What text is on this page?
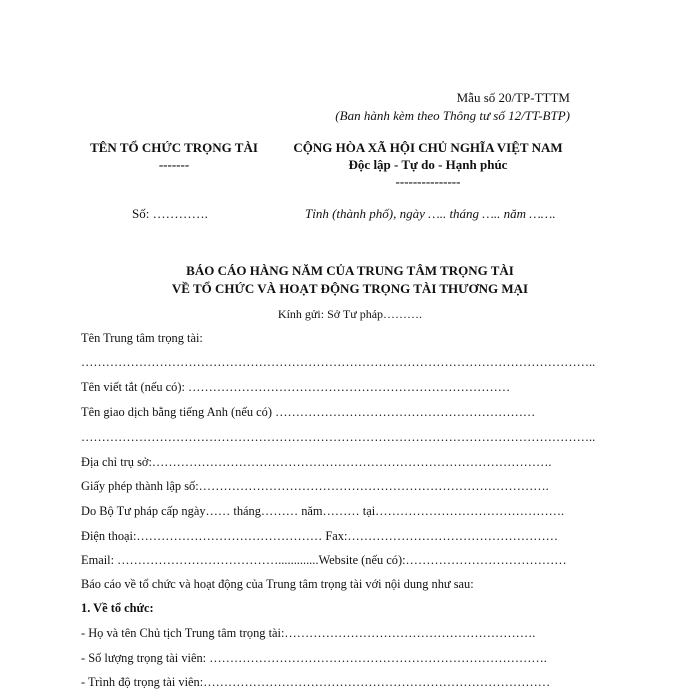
Mẫu số 20/TP-TTTM
(Ban hành kèm theo Thông tư số 12/TT-BTP)
TÊN TỔ CHỨC TRỌNG TÀI
-------
CỘNG HÒA XÃ HỘI CHỦ NGHĨA VIỆT NAM
Độc lập - Tự do - Hạnh phúc
---------------
Số: ………….	Tỉnh (thành phố), ngày ….. tháng ….. năm …….
BÁO CÁO HÀNG NĂM CỦA TRUNG TÂM TRỌNG TÀI
VỀ TỔ CHỨC VÀ HOẠT ĐỘNG TRỌNG TÀI THƯƠNG MẠI
Kính gửi: Sở Tư pháp……….
Tên Trung tâm trọng tài:
……………………………………………………………………………………………………………..
Tên viết tắt (nếu có): ……………………………………………………………………
Tên giao dịch bằng tiếng Anh (nếu có) ………………………………………………………
……………………………………………………………………………………………………………..
Địa chỉ trụ sở:…………………………………………………………………………………….
Giấy phép thành lập số:………………………………………………………………………….
Do Bộ Tư pháp cấp ngày…… tháng……… năm……… tại……………………………………….
Điện thoại:……………………………………… Fax:……………………………………………
Email: ………………………………….............Website (nếu có):…………………………………
Báo cáo về tổ chức và hoạt động của Trung tâm trọng tài với nội dung như sau:
1. Về tổ chức:
- Họ và tên Chủ tịch Trung tâm trọng tài:…………………………………………………….
- Số lượng trọng tài viên: ……………………………………………………………………….
- Trình độ trọng tài viên:…………………………………………………………………………
